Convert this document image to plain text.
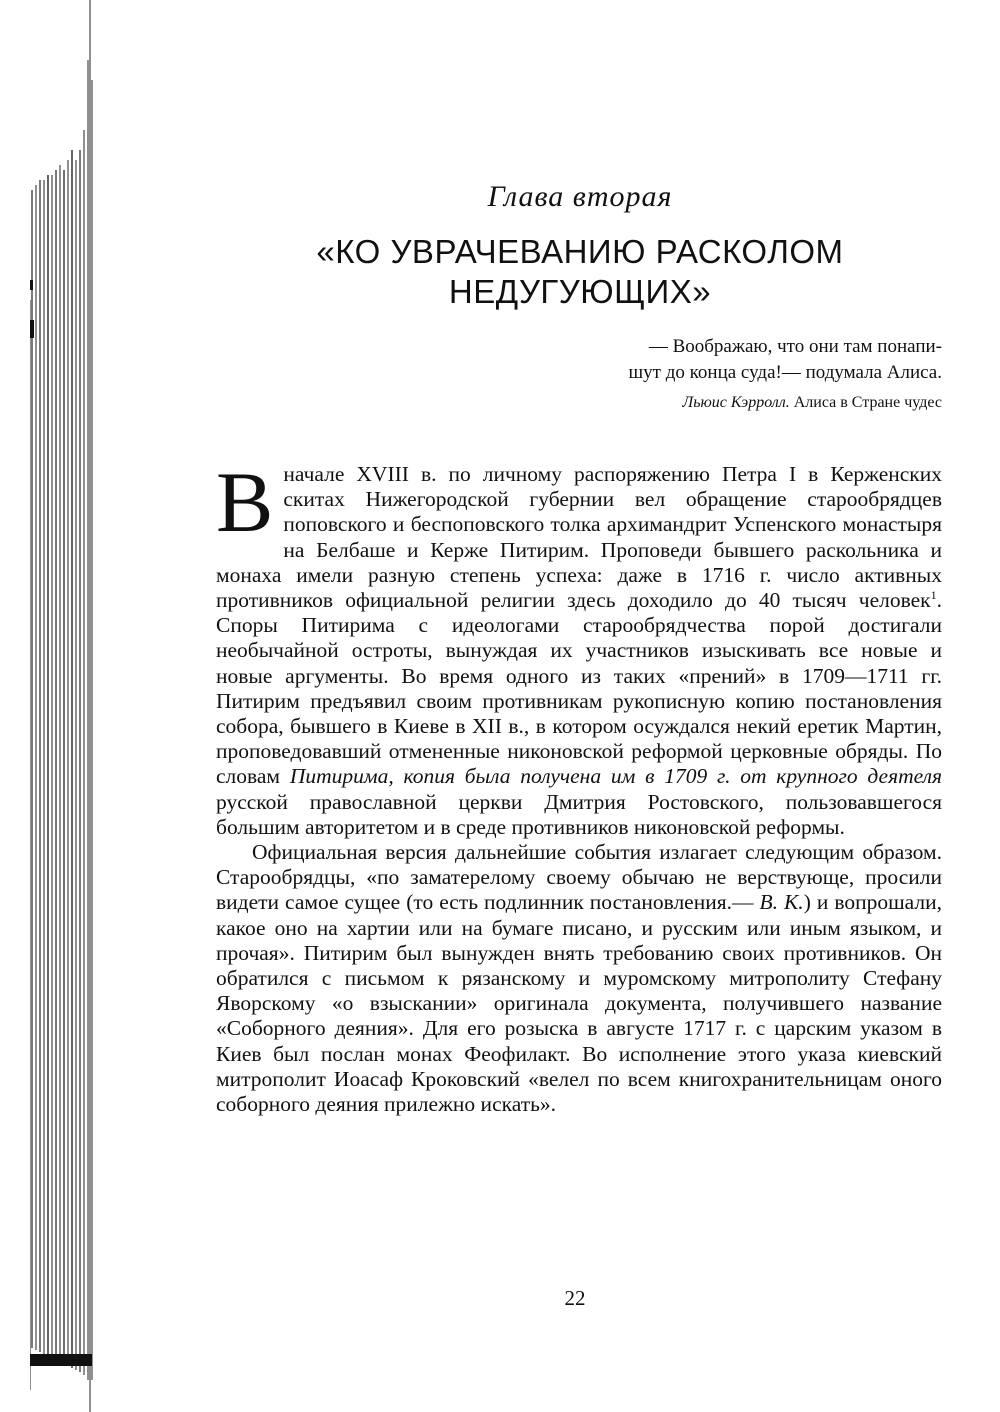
Глава вторая
«КО УВРАЧЕВАНИЮ РАСКОЛОМ
НЕДУГУЮЩИХ»
— Воображаю, что они там понапи-
шут до конца суда!— подумала Алиса.
Льюис Кэрролл. Алиса в Стране чудес

Вначале XVIII в. по личному распоряжению Петра I в Керженских скитах Нижегородской губернии вел обращение старообрядцев поповского и беспоповского толка архимандрит Успенского монастыря на Белбаше и Керже Питирим. Проповеди бывшего раскольника и монаха имели разную степень успеха: даже в 1716 г. число активных противников официальной религии здесь доходило до 40 тысяч человек$^1$. Споры Питирима с идеологами старообрядчества порой достигали необычайной остроты, вынуждая их участников изыскивать все новые и новые аргументы. Во время одного из таких «прений» в 1709—1711 гг. Питирим предъявил своим противникам рукописную копию постановления собора, бывшего в Киеве в XII в., в котором осуждался некий еретик Мартин, проповедовавший отмененные никоновской реформой церковные обряды. По словам Питирима, копия была получена им в 1709 г. от крупного деятеля русской православной церкви Дмитрия Ростовского, пользовавшегося большим авторитетом и в среде противников никоновской реформы.

Официальная версия дальнейшие события излагает следующим образом. Старообрядцы, «по заматерелому своему обычаю не верствующе, просили видети самое сущее (то есть подлинник постановления.— В. К.) и вопрошали, какое оно на хартии или на бумаге писано, и русским или иным языком, и прочая». Питирим был вынужден внять требованию своих противников. Он обратился с письмом к рязанскому и муромскому митрополиту Стефану Яворскому «о взыскании» оригинала документа, получившего название «Соборного деяния». Для его розыска в августе 1717 г. с царским указом в Киев был послан монах Феофилакт. Во исполнение этого указа киевский митрополит Иоасаф Кроковский «велел по всем книгохранительницам оного соборного деяния прилежно искать».

22
